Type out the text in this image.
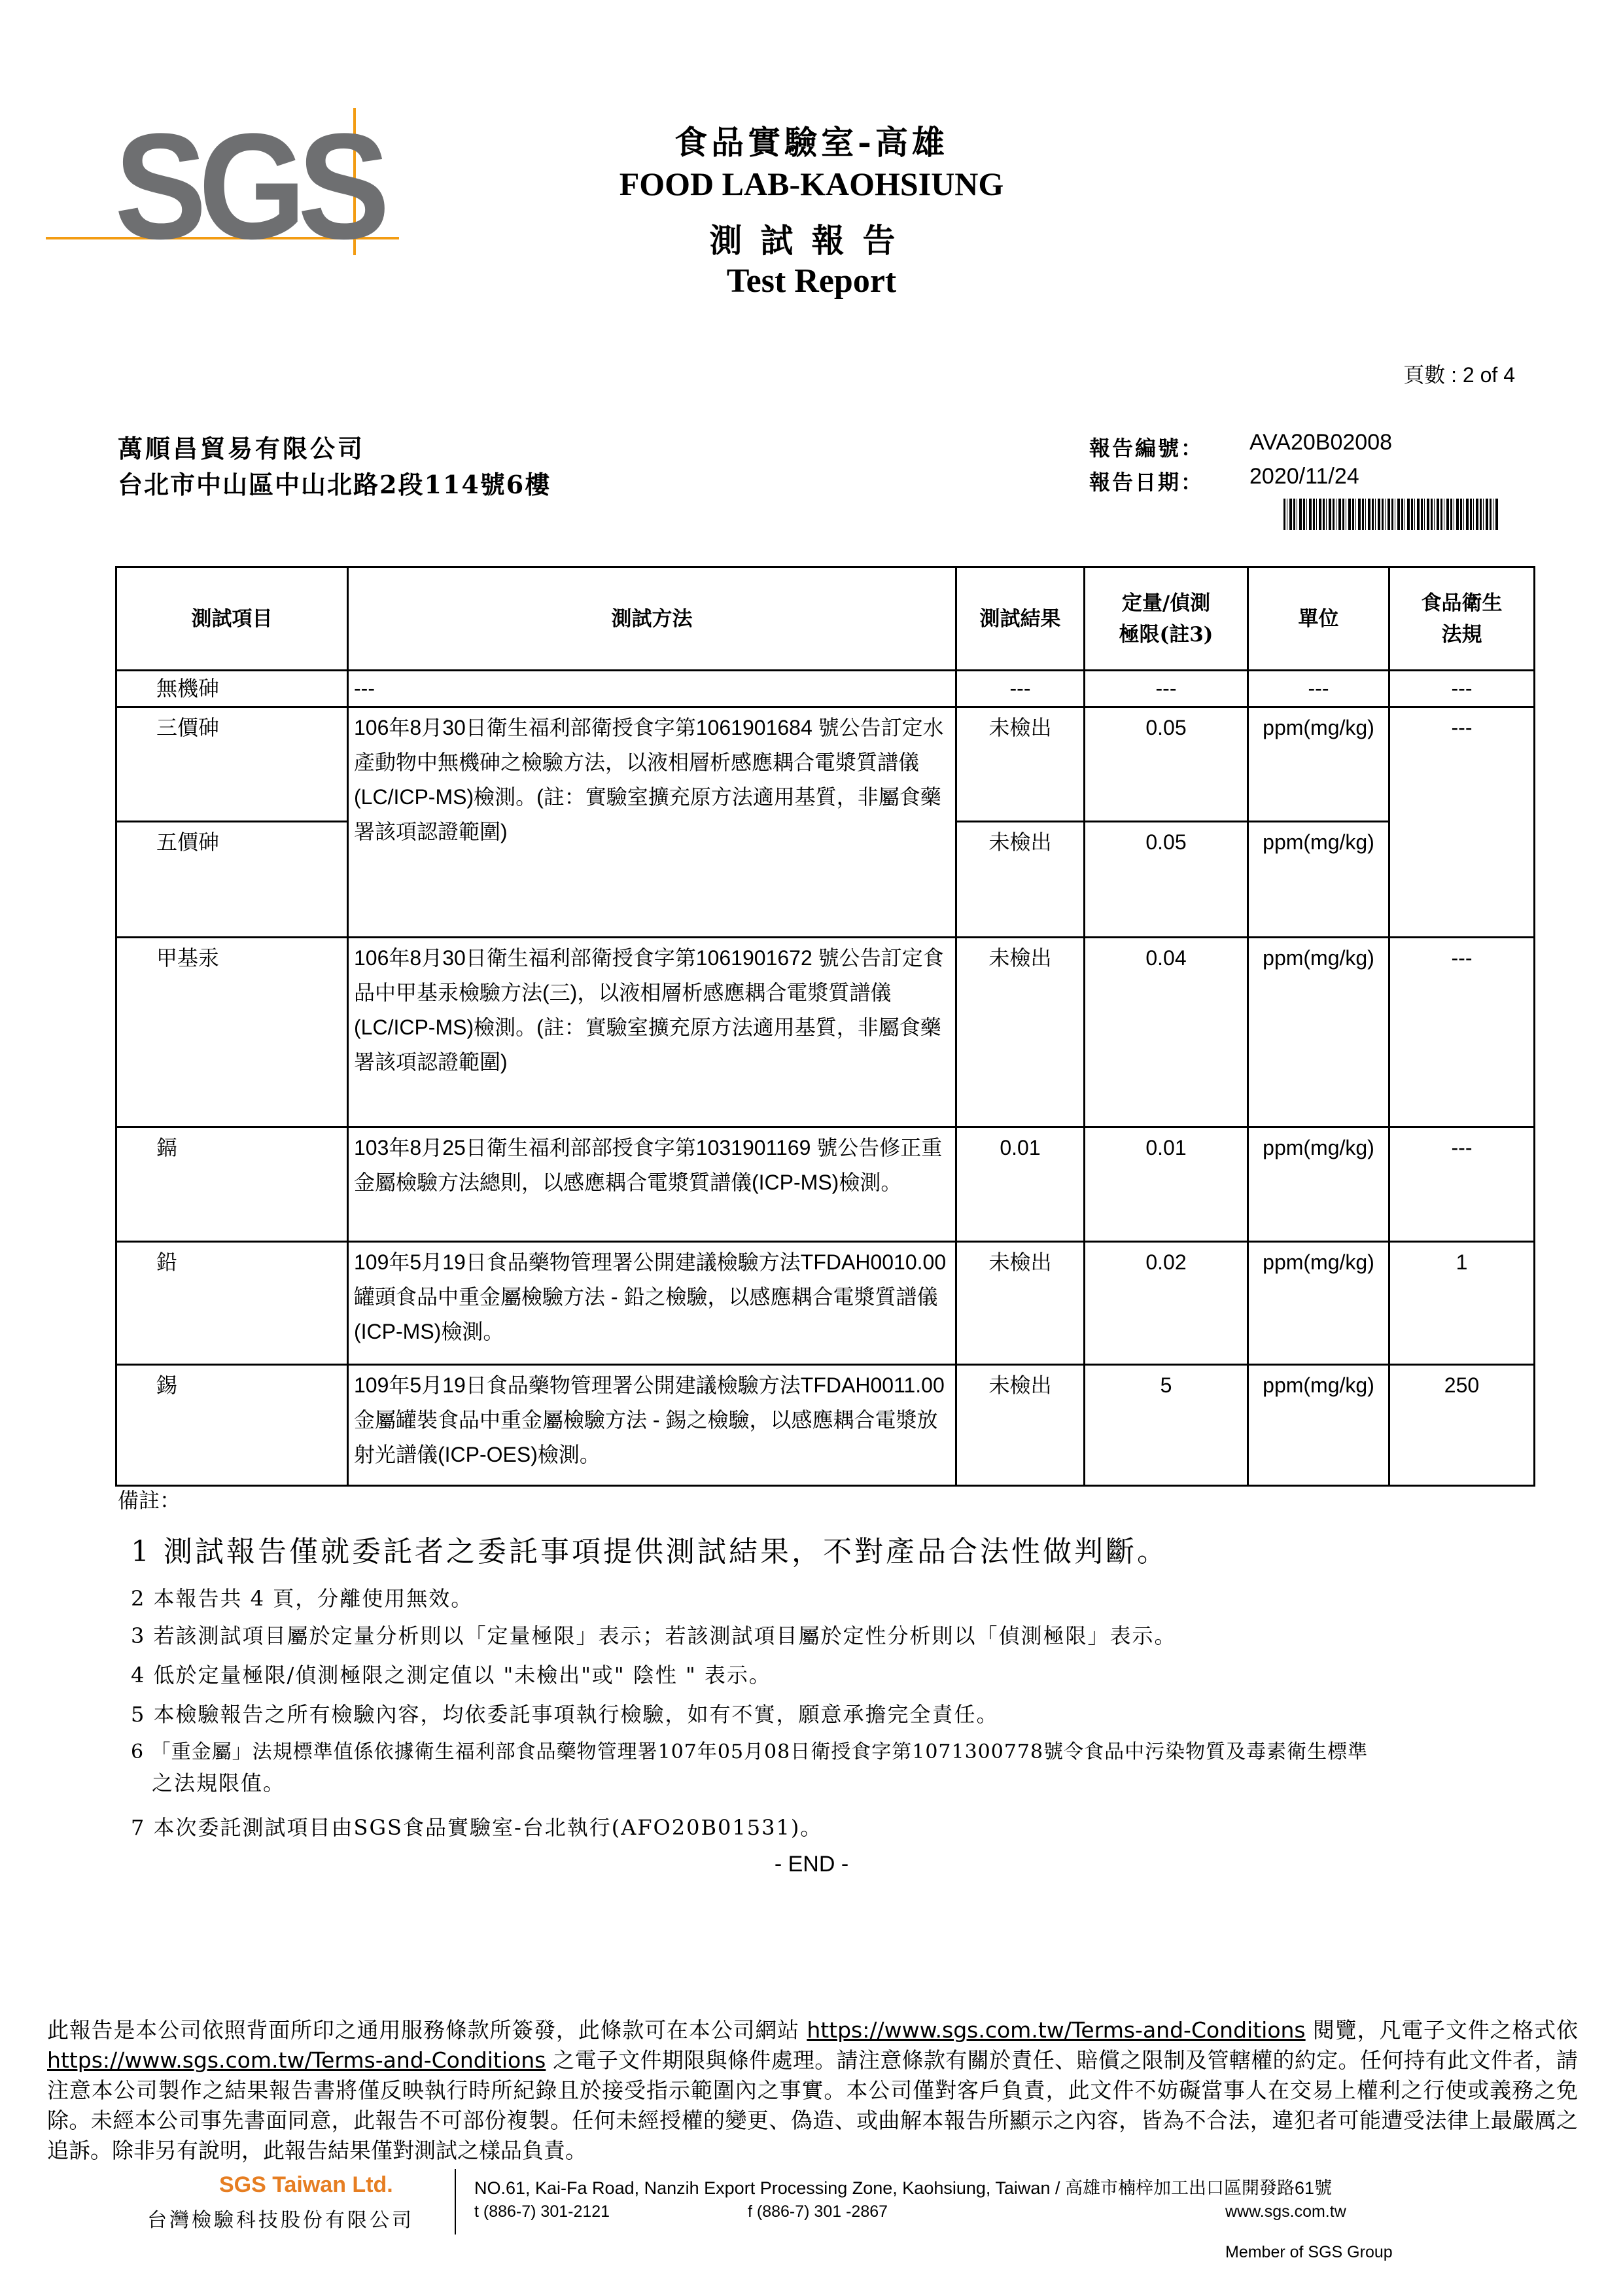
SGS	食品實驗室-高雄
FOOD LAB-KAOHSIUNG
測試報告
Test Report
頁數 : 2 of 4
萬順昌貿易有限公司
台北市中山區中山北路2段114號6樓
報告編號： AVA20B02008
報告日期： 2020/11/24
測試項目	測試方法	測試結果	定量/偵測極限(註3)	單位	食品衛生法規
無機砷	---	---	---	---	---
三價砷	106年8月30日衛生福利部衛授食字第1061901684 號公告訂定水產動物中無機砷之檢驗方法，以液相層析感應耦合電漿質譜儀(LC/ICP-MS)檢測。(註：實驗室擴充原方法適用基質，非屬食藥署該項認證範圍)	未檢出	0.05	ppm(mg/kg)	---
五價砷		未檢出	0.05	ppm(mg/kg)	
甲基汞	106年8月30日衛生福利部衛授食字第1061901672 號公告訂定食品中甲基汞檢驗方法(三)，以液相層析感應耦合電漿質譜儀(LC/ICP-MS)檢測。(註：實驗室擴充原方法適用基質，非屬食藥署該項認證範圍)	未檢出	0.04	ppm(mg/kg)	---
鎘	103年8月25日衛生福利部部授食字第1031901169 號公告修正重金屬檢驗方法總則，以感應耦合電漿質譜儀(ICP-MS)檢測。	0.01	0.01	ppm(mg/kg)	---
鉛	109年5月19日食品藥物管理署公開建議檢驗方法TFDAH0010.00 罐頭食品中重金屬檢驗方法 - 鉛之檢驗，以感應耦合電漿質譜儀(ICP-MS)檢測。	未檢出	0.02	ppm(mg/kg)	1
錫	109年5月19日食品藥物管理署公開建議檢驗方法TFDAH0011.00 金屬罐裝食品中重金屬檢驗方法 - 錫之檢驗，以感應耦合電漿放射光譜儀(ICP-OES)檢測。	未檢出	5	ppm(mg/kg)	250
備註：
1 測試報告僅就委託者之委託事項提供測試結果，不對產品合法性做判斷。
2 本報告共 4 頁，分離使用無效。
3 若該測試項目屬於定量分析則以「定量極限」表示；若該測試項目屬於定性分析則以「偵測極限」表示。
4 低於定量極限/偵測極限之測定值以 "未檢出"或" 陰性 " 表示。
5 本檢驗報告之所有檢驗內容，均依委託事項執行檢驗，如有不實，願意承擔完全責任。
6 「重金屬」法規標準值係依據衛生福利部食品藥物管理署107年05月08日衛授食字第1071300778號令食品中污染物質及毒素衛生標準
之法規限值。
7 本次委託測試項目由SGS食品實驗室-台北執行(AFO20B01531)。
- END -
此報告是本公司依照背面所印之通用服務條款所簽發，此條款可在本公司網站 https://www.sgs.com.tw/Terms-and-Conditions 閱覽，凡電子文件之格式依https://www.sgs.com.tw/Terms-and-Conditions 之電子文件期限與條件處理。請注意條款有關於責任、賠償之限制及管轄權的約定。任何持有此文件者，請注意本公司製作之結果報告書將僅反映執行時所紀錄且於接受指示範圍內之事實。本公司僅對客戶負責，此文件不妨礙當事人在交易上權利之行使或義務之免除。未經本公司事先書面同意，此報告不可部份複製。任何未經授權的變更、偽造、或曲解本報告所顯示之內容，皆為不合法，違犯者可能遭受法律上最嚴厲之追訴。除非另有說明，此報告結果僅對測試之樣品負責。
SGS Taiwan Ltd.
台灣檢驗科技股份有限公司
NO.61, Kai-Fa Road, Nanzih Export Processing Zone, Kaohsiung, Taiwan / 高雄市楠梓加工出口區開發路61號
t (886-7) 301-2121	f (886-7) 301 -2867	www.sgs.com.tw
Member of SGS Group
